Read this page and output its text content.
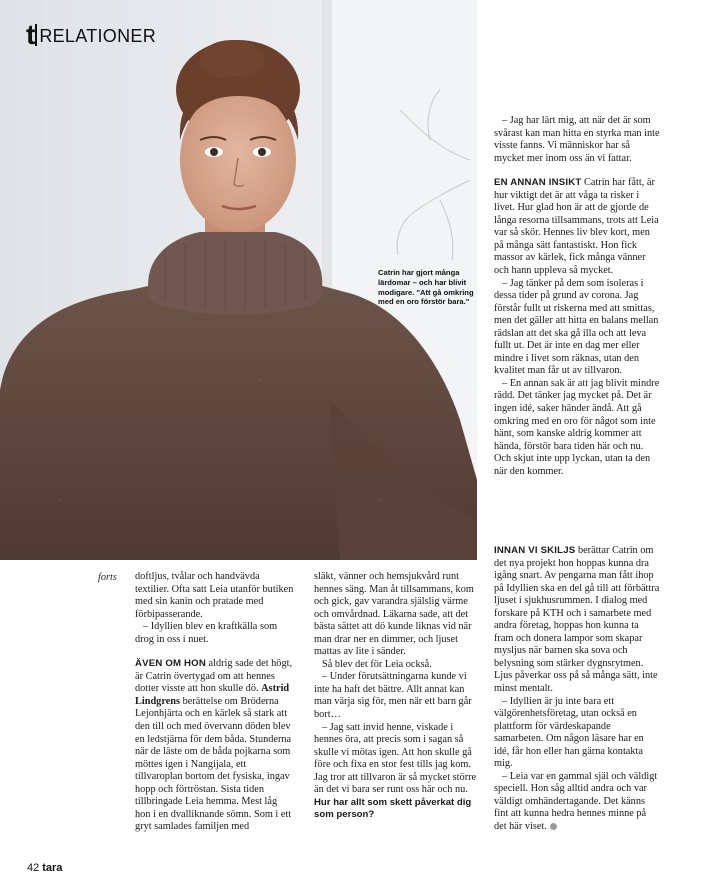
t RELATIONER
Catrin har gjort många lärdomar – och har blivit modigare. "Att gå omkring med en oro förstör bara."
forts doftljus, tvålar och handvävda textilier. Ofta satt Leia utanför butiken med sin kanin och pratade med förbipasserande.

– Idyllien blev en kraftkälla som drog in oss i nuet.

ÄVEN OM HON aldrig sade det högt, är Catrin övertygad om att hennes dotter visste att hon skulle dö. Astrid Lindgrens berättelse om Bröderna Lejonhjärta och en kärlek så stark att den till och med övervann döden blev en ledstjärna för dem båda. Stunderna när de läste om de båda pojkarna som möttes igen i Nangijala, ett tillvaroplan bortom det fysiska, ingav hopp och förtröstan. Sista tiden tillbringade Leia hemma. Mest låg hon i en dvalliknande sömn. Som i ett gryt samlades familjen med

släkt, vänner och hemsjukvård runt hennes säng. Man åt tillsammans, kom och gick, gav varandra själslig värme och omvårdnad. Läkarna sade, att det bästa sättet att dö kunde liknas vid när man drar ner en dimmer, och ljuset mattas av lite i sänder.

Så blev det för Leia också.

– Under förutsättningarna kunde vi inte ha haft det bättre. Allt annat kan man värja sig för, men när ett barn går bort…

– Jag satt invid henne, viskade i hennes öra, att precis som i sagan så skulle vi mötas igen. Att hon skulle gå före och fixa en stor fest tills jag kom. Jag tror att tillvaron är så mycket större än det vi bara ser runt oss här och nu.

Hur har allt som skett påverkat dig som person?

– Jag har lärt mig, att när det är som svårast kan man hitta en styrka man inte visste fanns. Vi människor har så mycket mer inom oss än vi fattar.

EN ANNAN INSIKT Catrin har fått, är hur viktigt det är att våga ta risker i livet. Hur glad hon är att de gjorde de långa resorna tillsammans, trots att Leia var så skör. Hennes liv blev kort, men på många sätt fantastiskt. Hon fick massor av kärlek, fick många vänner och hann uppleva så mycket.

– Jag tänker på dem som isoleras i dessa tider på grund av corona. Jag förstår fullt ut riskerna med att smittas, men det gäller att hitta en balans mellan rädslan att det ska gå illa och att leva fullt ut. Det är inte en dag mer eller mindre i livet som räknas, utan den kvalitet man får ut av tillvaron.

– En annan sak är att jag blivit mindre rädd. Det tänker jag mycket på. Det är ingen idé, saker händer ändå. Att gå omkring med en oro för något som inte hänt, som kanske aldrig kommer att hända, förstör bara tiden här och nu. Och skjut inte upp lyckan, utan ta den när den kommer.

INNAN VI SKILJS berättar Catrin om det nya projekt hon hoppas kunna dra igång snart. Av pengarna man fått ihop på Idyllien ska en del gå till att förbättra ljuset i sjukhusrummen. I dialog med forskare på KTH och i samarbete med andra företag, hoppas hon kunna ta fram och donera lampor som skapar mysljus när barnen ska sova och belysning som stärker dygnsrytmen. Ljus påverkar oss på så många sätt, inte minst mentalt.

– Idyllien är ju inte bara ett välgörenhetsföretag, utan också en plattform för värdeskapande samarbeten. Om någon läsare har en idé, får hon eller han gärna kontakta mig.

– Leia var en gammal själ och väldigt speciell. Hon såg alltid andra och var väldigt omhändertagande. Det känns fint att kunna hedra hennes minne på det här viset.

42 tara
